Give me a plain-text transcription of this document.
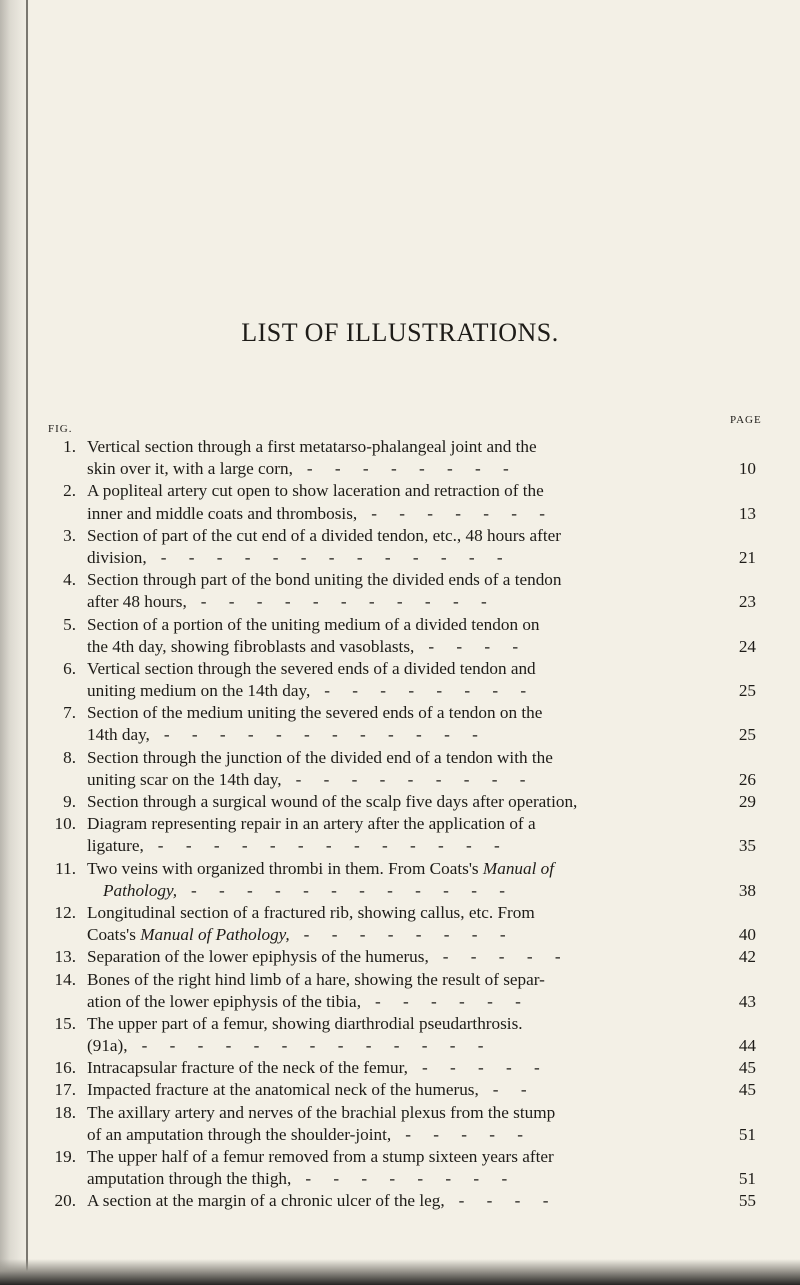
LIST OF ILLUSTRATIONS.
FIG.
PAGE
1. Vertical section through a first metatarso-phalangeal joint and the
skin over it, with a large corn, - - - - - - - -	10
2. A popliteal artery cut open to show laceration and retraction of the
inner and middle coats and thrombosis, - - - - - - -	13
3. Section of part of the cut end of a divided tendon, etc., 48 hours after
division, - - - - - - - - - - - - -	21
4. Section through part of the bond uniting the divided ends of a tendon
after 48 hours, - - - - - - - - - - -	23
5. Section of a portion of the uniting medium of a divided tendon on
the 4th day, showing fibroblasts and vasoblasts, - - - -	24
6. Vertical section through the severed ends of a divided tendon and
uniting medium on the 14th day, - - - - - - - -	25
7. Section of the medium uniting the severed ends of a tendon on the
14th day, - - - - - - - - - - - -	25
8. Section through the junction of the divided end of a tendon with the
uniting scar on the 14th day, - - - - - - - - -	26
9. Section through a surgical wound of the scalp five days after operation,	29
10. Diagram representing repair in an artery after the application of a
ligature, - - - - - - - - - - - - -	35
11. Two veins with organized thrombi in them. From Coats's Manual of
Pathology, - - - - - - - - - - - -	38
12. Longitudinal section of a fractured rib, showing callus, etc. From
Coats's Manual of Pathology, - - - - - - - -	40
13. Separation of the lower epiphysis of the humerus, - - - - -	42
14. Bones of the right hind limb of a hare, showing the result of separ-
ation of the lower epiphysis of the tibia, - - - - - -	43
15. The upper part of a femur, showing diarthrodial pseudarthrosis.
(91a), - - - - - - - - - - - - -	44
16. Intracapsular fracture of the neck of the femur, - - - - -	45
17. Impacted fracture at the anatomical neck of the humerus, - -	45
18. The axillary artery and nerves of the brachial plexus from the stump
of an amputation through the shoulder-joint, - - - - -	51
19. The upper half of a femur removed from a stump sixteen years after
amputation through the thigh, - - - - - - - -	51
20. A section at the margin of a chronic ulcer of the leg, - - - -	55
